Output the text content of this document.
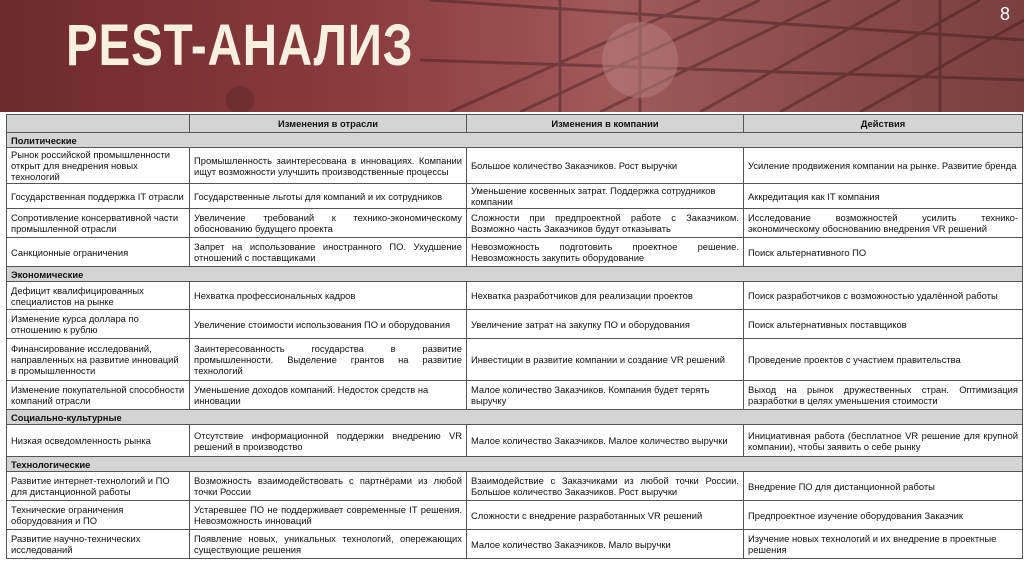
PEST-АНАЛИЗ	8
	Изменения в отрасли	Изменения в компании	Действия
Политические			
Рынок российской промышленности открыт для внедрения новых технологий	Промышленность заинтересована в инновациях. Компании ищут возможности улучшить производственные процессы	Большое количество Заказчиков. Рост выручки	Усиление продвижения компании на рынке. Развитие бренда
Государственная поддержка IT отрасли	Государственные льготы для компаний и их сотрудников	Уменьшение косвенных затрат. Поддержка сотрудников компании	Аккредитация как IT компания
Сопротивление консервативной части промышленной отрасли	Увеличение требований к технико-экономическому обоснованию будущего проекта	Сложности при предпроектной работе с Заказчиком. Возможно часть Заказчиков будут отказывать	Исследование возможностей усилить технико-экономическому обоснованию внедрения VR решений
Санкционные ограничения	Запрет на использование иностранного ПО. Ухудшение отношений с поставщиками	Невозможность подготовить проектное решение. Невозможность закупить оборудование	Поиск альтернативного ПО
Экономические			
Дефицит квалифицированных специалистов на рынке	Нехватка профессиональных кадров	Нехватка разработчиков для реализации проектов	Поиск разработчиков с возможностью удалённой работы
Изменение курса доллара по отношению к рублю	Увеличение стоимости использования ПО и оборудования	Увеличение затрат на закупку ПО и оборудования	Поиск альтернативных поставщиков
Финансирование исследований, направленных на развитие инноваций в промышленности	Заинтересованность государства в развитие промышленности. Выделение грантов на развитие технологий	Инвестиции в развитие компании и создание VR решений	Проведение проектов с участием правительства
Изменение покупательной способности компаний отрасли	Уменьшение доходов компаний. Недосток средств на инновации	Малое количество Заказчиков. Компания будет терять выручку	Выход на рынок дружественных стран. Оптимизация разработки в целях уменьшения стоимости
Социально-культурные			
Низкая осведомленность рынка	Отсутствие информационной поддержки внедрению VR решений в производство	Малое количество Заказчиков. Малое количество выручки	Инициативная работа (бесплатное VR решение для крупной компании), чтобы заявить о себе рынку
Технологические			
Развитие интернет-технологий и ПО для дистанционной работы	Возможность взаимодействовать с партнёрами из любой точки России	Взаимодействие с Заказчиками из любой точки России. Большое количество Заказчиков. Рост выручки	Внедрение ПО для дистанционной работы
Технические ограничения оборудования и ПО	Устаревшее ПО не поддерживает современные IT решения. Невозможность инноваций	Сложности с внедрение разработанных VR решений	Предпроектное изучение оборудования Заказчик
Развитие научно-технических исследований	Появление новых, уникальных технологий, опережающих существующие решения	Малое количество Заказчиков. Мало выручки	Изучение новых технологий и их внедрение в проектные решения
